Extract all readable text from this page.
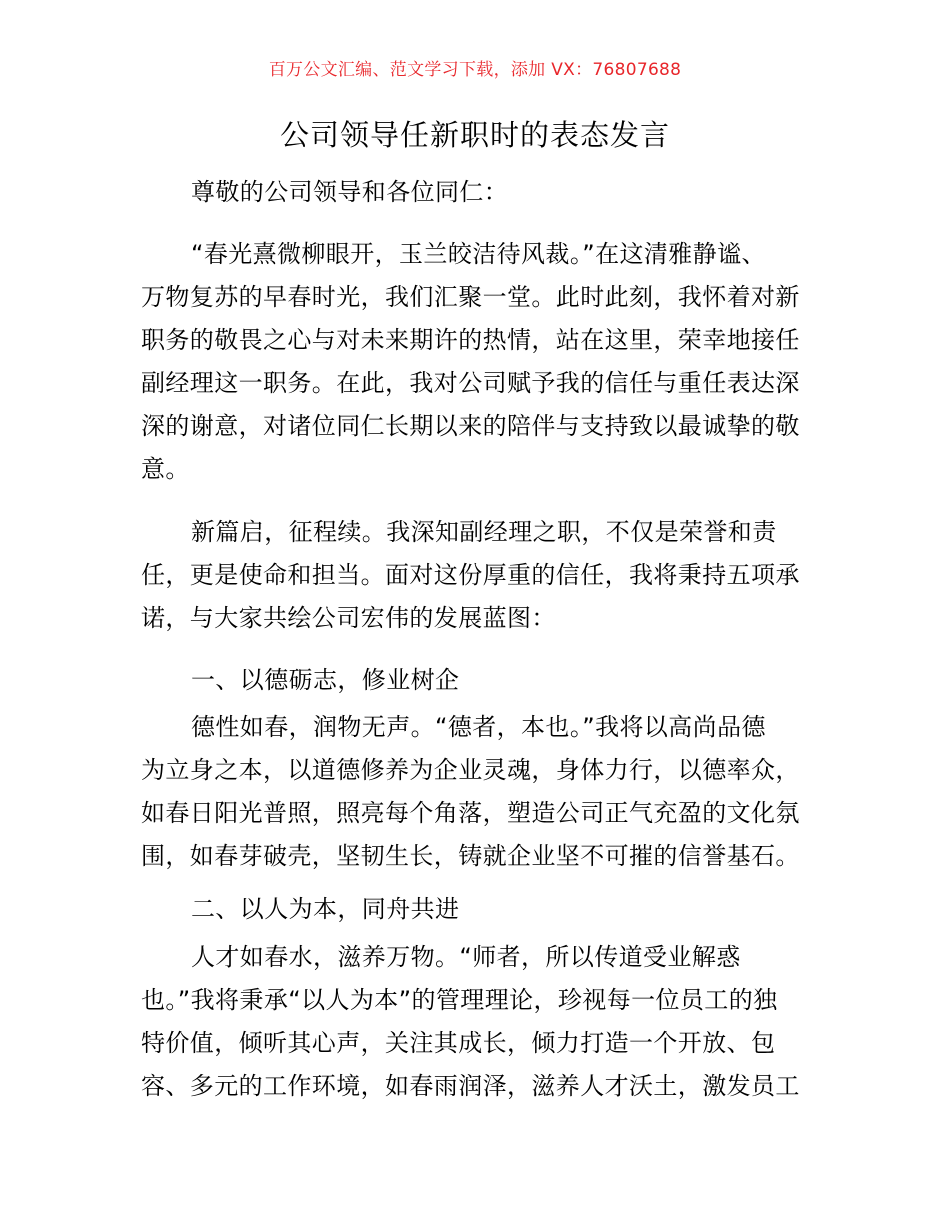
百万公文汇编、范文学习下载，添加 VX：76807688
公司领导任新职时的表态发言
尊敬的公司领导和各位同仁：
“春光熹微柳眼开，玉兰皎洁待风裁。”在这清雅静谧、
万物复苏的早春时光，我们汇聚一堂。此时此刻，我怀着对新
职务的敬畏之心与对未来期许的热情，站在这里，荣幸地接任
副经理这一职务。在此，我对公司赋予我的信任与重任表达深
深的谢意，对诸位同仁长期以来的陪伴与支持致以最诚挚的敬
意。
新篇启，征程续。我深知副经理之职，不仅是荣誉和责
任，更是使命和担当。面对这份厚重的信任，我将秉持五项承
诺，与大家共绘公司宏伟的发展蓝图：
一、以德砺志，修业树企
德性如春，润物无声。“德者，本也。”我将以高尚品德
为立身之本，以道德修养为企业灵魂，身体力行，以德率众，
如春日阳光普照，照亮每个角落，塑造公司正气充盈的文化氛
围，如春芽破壳，坚韧生长，铸就企业坚不可摧的信誉基石。
二、以人为本，同舟共进
人才如春水，滋养万物。“师者，所以传道受业解惑
也。”我将秉承“以人为本”的管理理论，珍视每一位员工的独
特价值，倾听其心声，关注其成长，倾力打造一个开放、包
容、多元的工作环境，如春雨润泽，滋养人才沃土，激发员工
